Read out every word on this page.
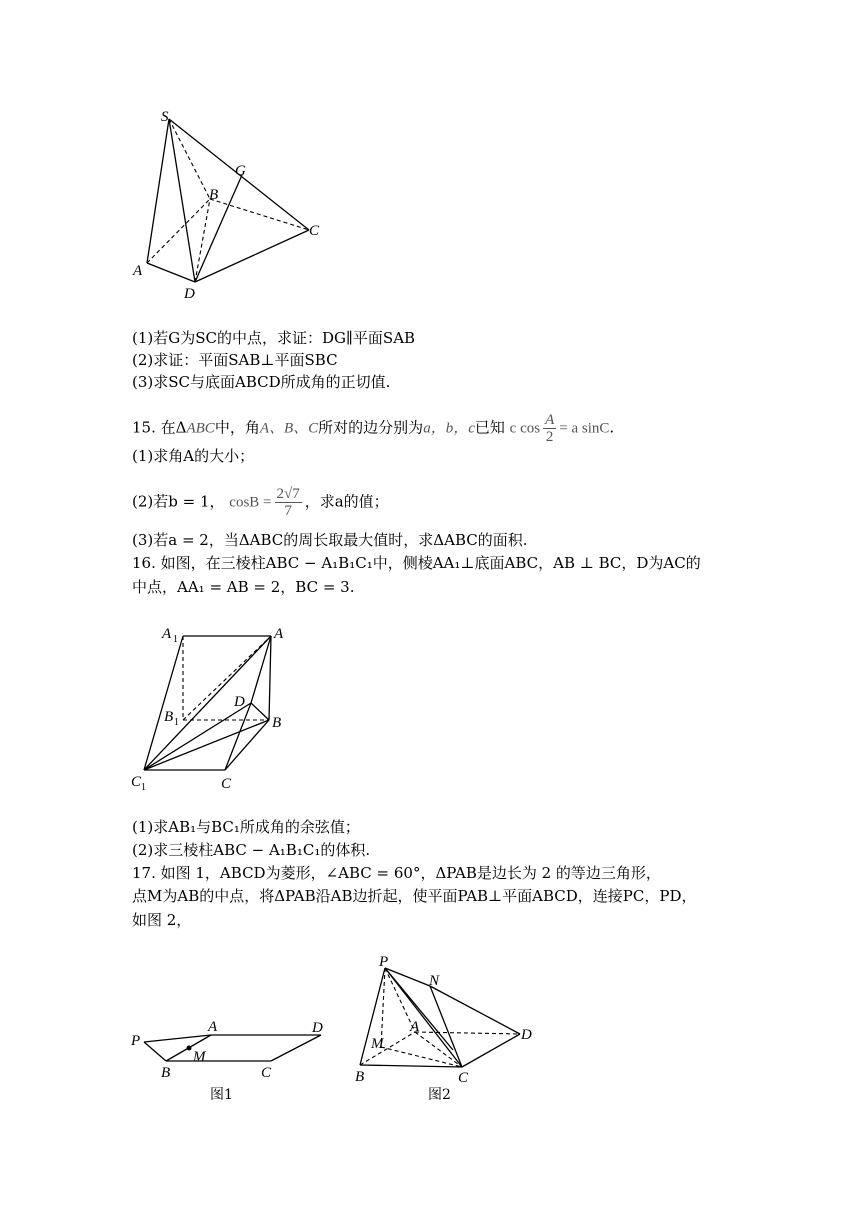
S
G
B
C
A
D
(1)若G为SC的中点，求证：DG∥平面SAB
(2)求证：平面SAB⊥平面SBC
(3)求SC与底面ABCD所成角的正切值.
15. 在ΔABC中，角A、B、C所对的边分别为a，b，c已知 c $\cos \frac{A}{2} = a$ sinC.
(1)求角A的大小；
(2)若b = 1， $\cos B = \frac{2√7}{7}$ ，求a的值；
(3)若a = 2，当ΔABC的周长取最大值时，求ΔABC的面积.
16. 如图，在三棱柱ABC − A₁B₁C₁中，侧棱AA₁⊥底面ABC，AB ⊥ BC，D为AC的
中点，AA₁ = AB = 2，BC = 3.
A 1	A
B 1
D
B
C 1	C
(1)求AB₁与BC₁所成角的余弦值；
(2)求三棱柱ABC − A₁B₁C₁的体积.
17. 如图 1，ABCD为菱形，∠ABC = 60°，ΔPAB是边长为 2 的等边三角形，
点M为AB的中点，将ΔPAB沿AB边折起，使平面PAB⊥平面ABCD，连接PC，PD，
如图 2，
P
A	D
M
B	C
图1
P
N
A	D
M
B	C
图2
